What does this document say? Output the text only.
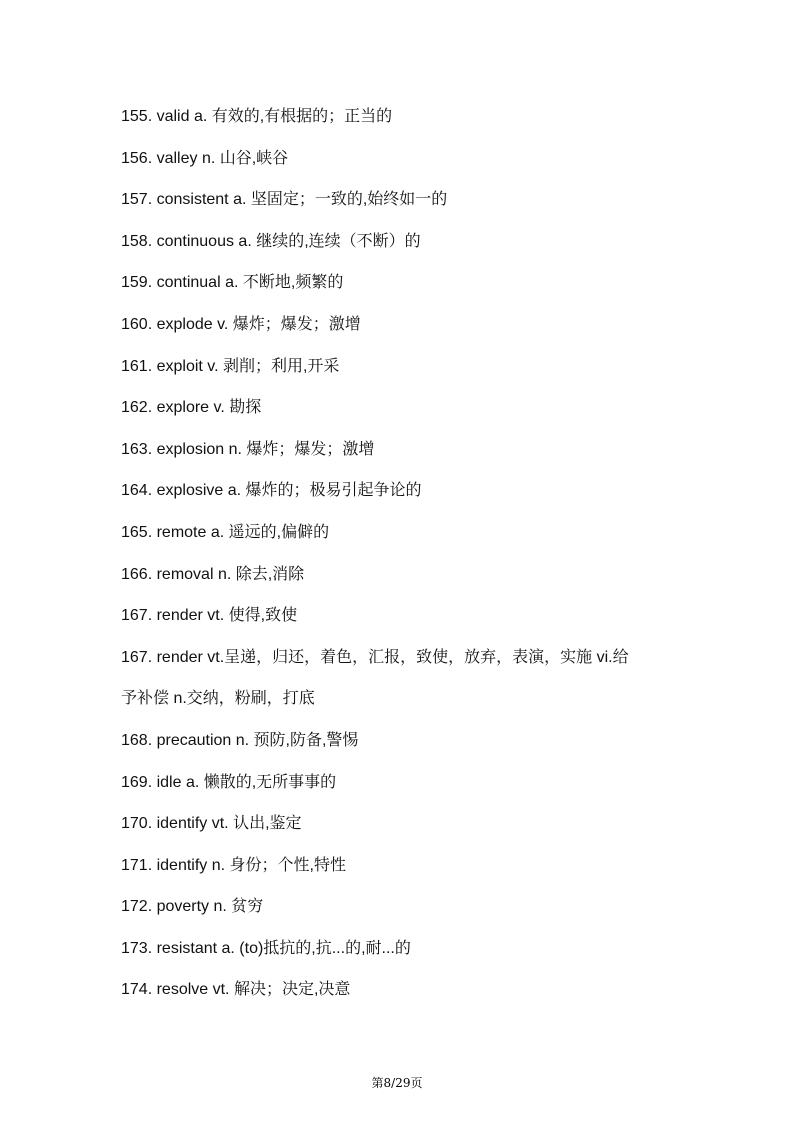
155. valid a. 有效的,有根据的；正当的
156. valley n. 山谷,峡谷
157. consistent a. 坚固定；一致的,始终如一的
158. continuous a. 继续的,连续（不断）的
159. continual a. 不断地,频繁的
160. explode v. 爆炸；爆发；激增
161. exploit v. 剥削；利用,开采
162. explore v. 勘探
163. explosion n. 爆炸；爆发；激增
164. explosive a. 爆炸的；极易引起争论的
165. remote a. 遥远的,偏僻的
166. removal n. 除去,消除
167. render vt. 使得,致使
167. render vt.呈递，归还，着色，汇报，致使，放弃，表演，实施 vi.给
予补偿 n.交纳，粉刷，打底
168. precaution n. 预防,防备,警惕
169. idle a. 懒散的,无所事事的
170. identify vt. 认出,鉴定
171. identify n. 身份；个性,特性
172. poverty n. 贫穷
173. resistant a. (to)抵抗的,抗...的,耐...的
174. resolve vt. 解决；决定,决意
第8/29页
